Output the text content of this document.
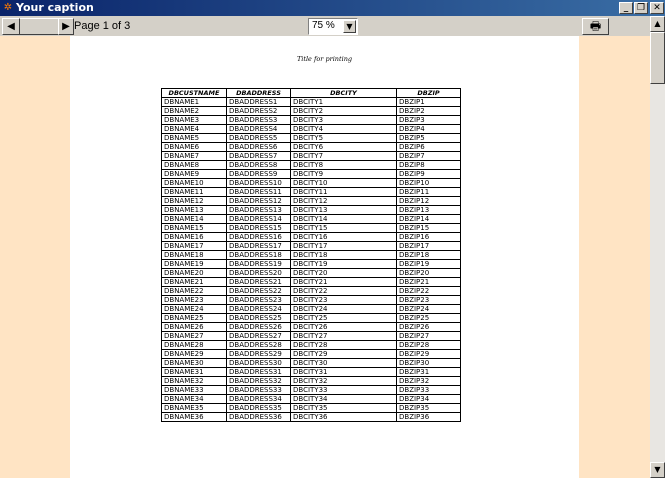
✲ Your caption	_ ❐ ✕
◀	▶ Page 1 of 3	75 %	▼	🖶
Title for printing
DBCUSTNAME	DBADDRESS	DBCITY	DBZIP
DBNAME1	DBADDRESS1	DBCITY1	DBZIP1
DBNAME2	DBADDRESS2	DBCITY2	DBZIP2
DBNAME3	DBADDRESS3	DBCITY3	DBZIP3
DBNAME4	DBADDRESS4	DBCITY4	DBZIP4
DBNAME5	DBADDRESS5	DBCITY5	DBZIP5
DBNAME6	DBADDRESS6	DBCITY6	DBZIP6
DBNAME7	DBADDRESS7	DBCITY7	DBZIP7
DBNAME8	DBADDRESS8	DBCITY8	DBZIP8
DBNAME9	DBADDRESS9	DBCITY9	DBZIP9
DBNAME10	DBADDRESS10	DBCITY10	DBZIP10
DBNAME11	DBADDRESS11	DBCITY11	DBZIP11
DBNAME12	DBADDRESS12	DBCITY12	DBZIP12
DBNAME13	DBADDRESS13	DBCITY13	DBZIP13
DBNAME14	DBADDRESS14	DBCITY14	DBZIP14
DBNAME15	DBADDRESS15	DBCITY15	DBZIP15
DBNAME16	DBADDRESS16	DBCITY16	DBZIP16
DBNAME17	DBADDRESS17	DBCITY17	DBZIP17
DBNAME18	DBADDRESS18	DBCITY18	DBZIP18
DBNAME19	DBADDRESS19	DBCITY19	DBZIP19
DBNAME20	DBADDRESS20	DBCITY20	DBZIP20
DBNAME21	DBADDRESS21	DBCITY21	DBZIP21
DBNAME22	DBADDRESS22	DBCITY22	DBZIP22
DBNAME23	DBADDRESS23	DBCITY23	DBZIP23
DBNAME24	DBADDRESS24	DBCITY24	DBZIP24
DBNAME25	DBADDRESS25	DBCITY25	DBZIP25
DBNAME26	DBADDRESS26	DBCITY26	DBZIP26
DBNAME27	DBADDRESS27	DBCITY27	DBZIP27
DBNAME28	DBADDRESS28	DBCITY28	DBZIP28
DBNAME29	DBADDRESS29	DBCITY29	DBZIP29
DBNAME30	DBADDRESS30	DBCITY30	DBZIP30
DBNAME31	DBADDRESS31	DBCITY31	DBZIP31
DBNAME32	DBADDRESS32	DBCITY32	DBZIP32
DBNAME33	DBADDRESS33	DBCITY33	DBZIP33
DBNAME34	DBADDRESS34	DBCITY34	DBZIP34
DBNAME35	DBADDRESS35	DBCITY35	DBZIP35
DBNAME36	DBADDRESS36	DBCITY36	DBZIP36
▲
▼
